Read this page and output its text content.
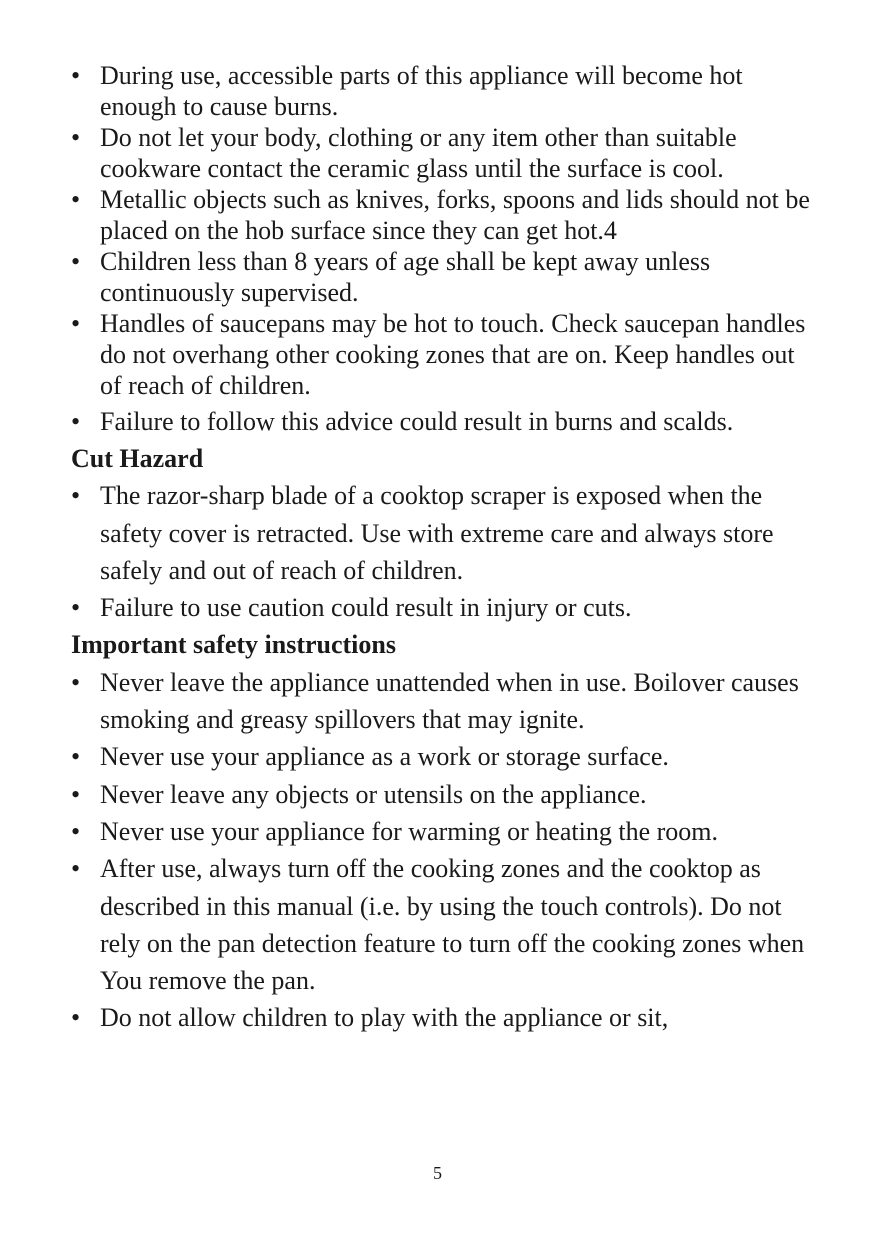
• During use, accessible parts of this appliance will become hot enough to cause burns.
• Do not let your body, clothing or any item other than suitable cookware contact the ceramic glass until the surface is cool.
• Metallic objects such as knives, forks, spoons and lids should not be placed on the hob surface since they can get hot.4
• Children less than 8 years of age shall be kept away unless continuously supervised.
• Handles of saucepans may be hot to touch. Check saucepan handles do not overhang other cooking zones that are on. Keep handles out of reach of children.
• Failure to follow this advice could result in burns and scalds.
Cut Hazard
• The razor-sharp blade of a cooktop scraper is exposed when the safety cover is retracted. Use with extreme care and always store safely and out of reach of children.
• Failure to use caution could result in injury or cuts.
Important safety instructions
• Never leave the appliance unattended when in use. Boilover causes smoking and greasy spillovers that may ignite.
• Never use your appliance as a work or storage surface.
• Never leave any objects or utensils on the appliance.
• Never use your appliance for warming or heating the room.
• After use, always turn off the cooking zones and the cooktop as described in this manual (i.e. by using the touch controls). Do not rely on the pan detection feature to turn off the cooking zones when You remove the pan.
• Do not allow children to play with the appliance or sit,
5
